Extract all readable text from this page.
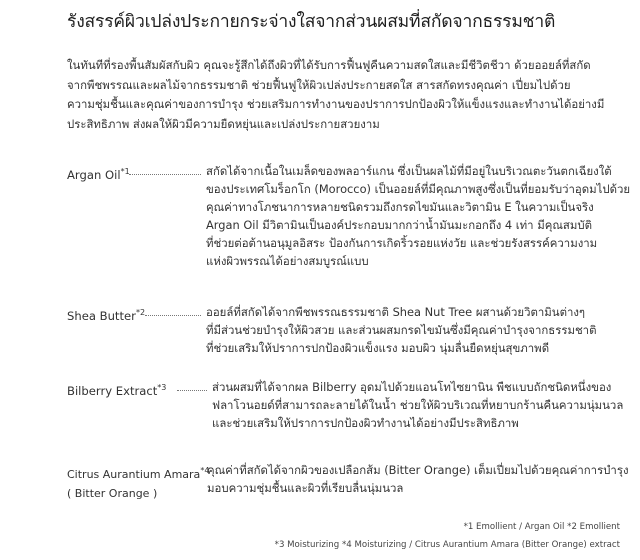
รังสรรค์ผิวเปล่งประกายกระจ่างใสจากส่วนผสมที่สกัดจากธรรมชาติ

ในทันทีที่รองพื้นสัมผัสกับผิว คุณจะรู้สึกได้ถึงผิวที่ได้รับการฟื้นฟูคืนความสดใสและมีชีวิตชีวา ด้วยออยล์ที่สกัด

จากพืชพรรณและผลไม้จากธรรมชาติ ช่วยฟื้นฟูให้ผิวเปล่งประกายสดใส สารสกัดทรงคุณค่า เปี่ยมไปด้วย

ความชุ่มชื้นและคุณค่าของการบำรุง ช่วยเสริมการทำงานของปราการปกป้องผิวให้แข็งแรงและทำงานได้อย่างมี

ประสิทธิภาพ ส่งผลให้ผิวมีความยืดหยุ่นและเปล่งประกายสวยงาม

Argan Oil$^{*1}$	สกัดได้จากเนื้อในเมล็ดของพลอาร์แกน ซึ่งเป็นผลไม้ที่มีอยู่ในบริเวณตะวันตกเฉียงใต้

ของประเทศโมร็อกโก (Morocco) เป็นออยล์ที่มีคุณภาพสูงซึ่งเป็นที่ยอมรับว่าอุดมไปด้วย

คุณค่าทางโภชนาการหลายชนิดรวมถึงกรดไขมันและวิตามิน E ในความเป็นจริง

Argan Oil มีวิตามินเป็นองค์ประกอบมากกว่าน้ำมันมะกอกถึง 4 เท่า มีคุณสมบัติ

ที่ช่วยต่อต้านอนุมูลอิสระ ป้องกันการเกิดริ้วรอยแห่งวัย และช่วยรังสรรค์ความงาม

แห่งผิวพรรณได้อย่างสมบูรณ์แบบ

Shea Butter$^{*2}$	ออยล์ที่สกัดได้จากพืชพรรณธรรมชาติ Shea Nut Tree ผสานด้วยวิตามินต่างๆ

ที่มีส่วนช่วยบำรุงให้ผิวสวย และส่วนผสมกรดไขมันซึ่งมีคุณค่าบำรุงจากธรรมชาติ

ที่ช่วยเสริมให้ปราการปกป้องผิวแข็งแรง มอบผิว นุ่มลื่นยืดหยุ่นสุขภาพดี

Bilberry Extract$^{*3}$	ส่วนผสมที่ได้จากผล Bilberry อุดมไปด้วยแอนโทไซยานิน พืชแบบถักชนิดหนึ่งของ

ฟลาโวนอยด์ที่สามารถละลายได้ในน้ำ ช่วยให้ผิวบริเวณที่หยาบกร้านคืนความนุ่มนวล

และช่วยเสริมให้ปราการปกป้องผิวทำงานได้อย่างมีประสิทธิภาพ

Citrus Aurantium Amara$^{*4}$
( Bitter Orange )

คุณค่าที่สกัดได้จากผิวของเปลือกส้ม (Bitter Orange) เต็มเปี่ยมไปด้วยคุณค่าการบำรุง

มอบความชุ่มชื้นและผิวที่เรียบลื่นนุ่มนวล

*1 Emollient / Argan Oil *2 Emollient

*3 Moisturizing *4 Moisturizing / Citrus Aurantium Amara (Bitter Orange) extract
